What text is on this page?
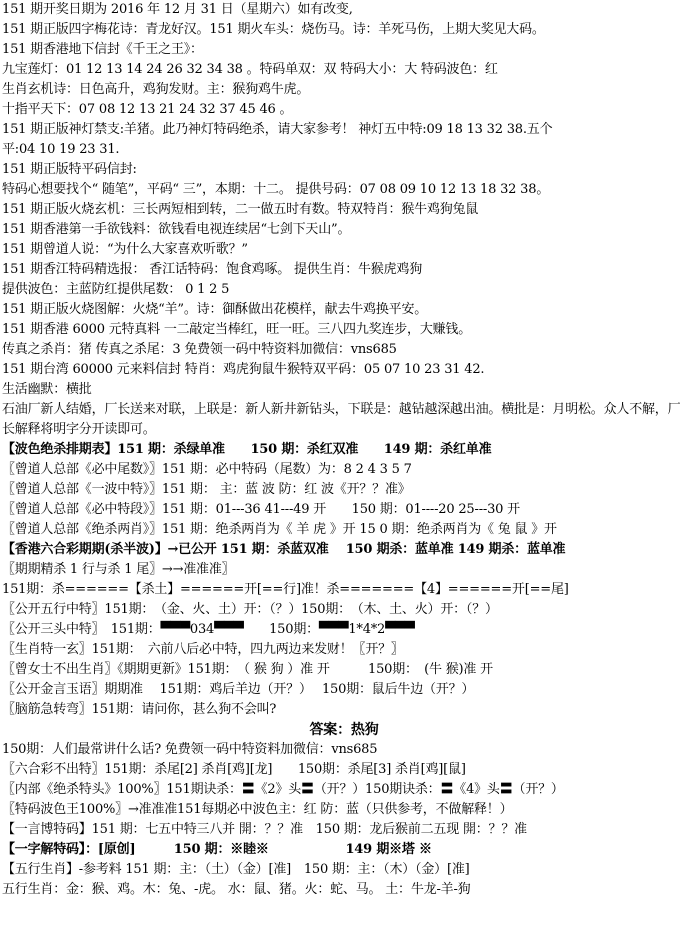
151 期开奖日期为 2016 年 12 月 31 日（星期六）如有改变,
151 期正版四字梅花诗：青龙好汉。151 期火车头：烧伤马。诗：羊死马伤，上期大奖见大码。
151 期香港地下信封《千王之王》：
九宝莲灯：01 12 13 14 24 26 32 34 38 。特码单双：双 特码大小：大 特码波色：红
生肖玄机诗：日色高升，鸡狗发财。主：猴狗鸡牛虎。
十指平天下：07 08 12 13 21 24 32 37 45 46 。
151 期正版神灯禁支:羊猪。此乃神灯特码绝杀，请大家参考！ 神灯五中特:09 18 13 32 38.五个
平:04 10 19 23 31.
151 期正版特平码信封:
特码心想要找个“ 随笔”，平码“ 三”，本期：十二。 提供号码：07 08 09 10 12 13 18 32 38。
151 期正版火烧玄机：三长两短相到转，二一做五时有数。特双特肖：猴牛鸡狗兔鼠
151 期香港第一手欲钱料：欲钱看电视连续居“七剑下天山”。
151 期曾道人说：“为什么大家喜欢听歌？”
151 期香江特码精选报： 香江话特码：饱食鸡啄。 提供生肖：牛猴虎鸡狗
提供波色：主蓝防红提供尾数： 0 1 2 5
151 期正版火烧图解：火烧“羊”。诗：御酥做出花模样，献去牛鸡换平安。
151 期香港 6000 元特真料 一二敲定当棒红，旺一旺。三八四九奖连步，大赚钱。
传真之杀肖：猪 传真之杀尾：3 免费领一码中特资料加微信：vns685
151 期台湾 60000 元来料信封 特肖：鸡虎狗鼠牛猴特双平码：05 07 10 23 31 42.
生活幽默：横批
石油厂新人结婚，厂长送来对联，上联是：新人新井新钻头，下联是：越钻越深越出油。横批是：月明松。众人不解，厂长解释将明字分开读即可。
【波色绝杀排期表】151 期：杀绿单准　　150 期：杀红双准　　149 期：杀红单准
〖曾道人总部《必中尾数》〗151 期：必中特码（尾数）为：8 2 4 3 5 7
〖曾道人总部《一波中特》〗151 期： 主：蓝 波 防：红 波《开？？准》
〖曾道人总部《必中特段》〗151 期：01---36 41---49 开　　150 期：01----20 25---30 开
〖曾道人总部《绝杀两肖》〗151 期：绝杀两肖为《 羊 虎 》开 15 0 期：绝杀两肖为《 兔 鼠 》开
【香港六合彩期期(杀半波)】→已公开 151 期：杀蓝双准　 150 期杀：蓝单准 149 期杀：蓝单准
〖期期精杀 1 行与杀 1 尾〗→→准准准〗
151期：杀======【杀土】======开[==行]准！杀=======【4】======开[==尾]
〖公开五行中特〗151期：　（金、火、土）开：（？）150期：　（木、土、火）开：（？）
〖公开三头中特〗　151期：▀▀▀034▀▀▀　　150期：▀▀▀1*4*2▀▀▀
〖生肖特一玄〗151期：　六前八后必中特，四九两边来发财！〖开？〗
〖曾女士不出生肖〗《期期更新》151期：　（ 猴 狗 ）准 开　　　150期：　(牛 猴)准 开
〖公开金言玉语〗期期准　 151期：鸡后羊边（开？）　 150期：鼠后牛边（开？）
〖脑筋急转弯〗151期：请问你，甚么狗不会叫?
答案：热狗
150期：人们最常讲什么话? 免费领一码中特资料加微信：vns685
〖六合彩不出特〗151期：杀尾[2] 杀肖[鸡][龙]　　150期：杀尾[3] 杀肖[鸡][鼠]
〖内部《绝杀特头》100%〗151期诀杀：〓《2》头〓（开？）150期诀杀：〓《4》头〓（开？）
〖特码波色王100%〗→准准准151每期必中波色主：红 防：蓝（只供参考，不做解释！）
【一言博特码】151 期：七五中特三八并 開：？？准　150 期：龙后猴前二五现 開：？？准
【一字解特码】：[原创]　　　150 期：※睦※　　　　　　149 期※塔 ※
【五行生肖】-参考料 151 期：主：（土）（金）[准]　150 期：主：（木）（金）[准]
五行生肖：金：猴、鸡。木：兔、-虎。 水：鼠、猪。火：蛇、马。 土：牛龙-羊-狗
